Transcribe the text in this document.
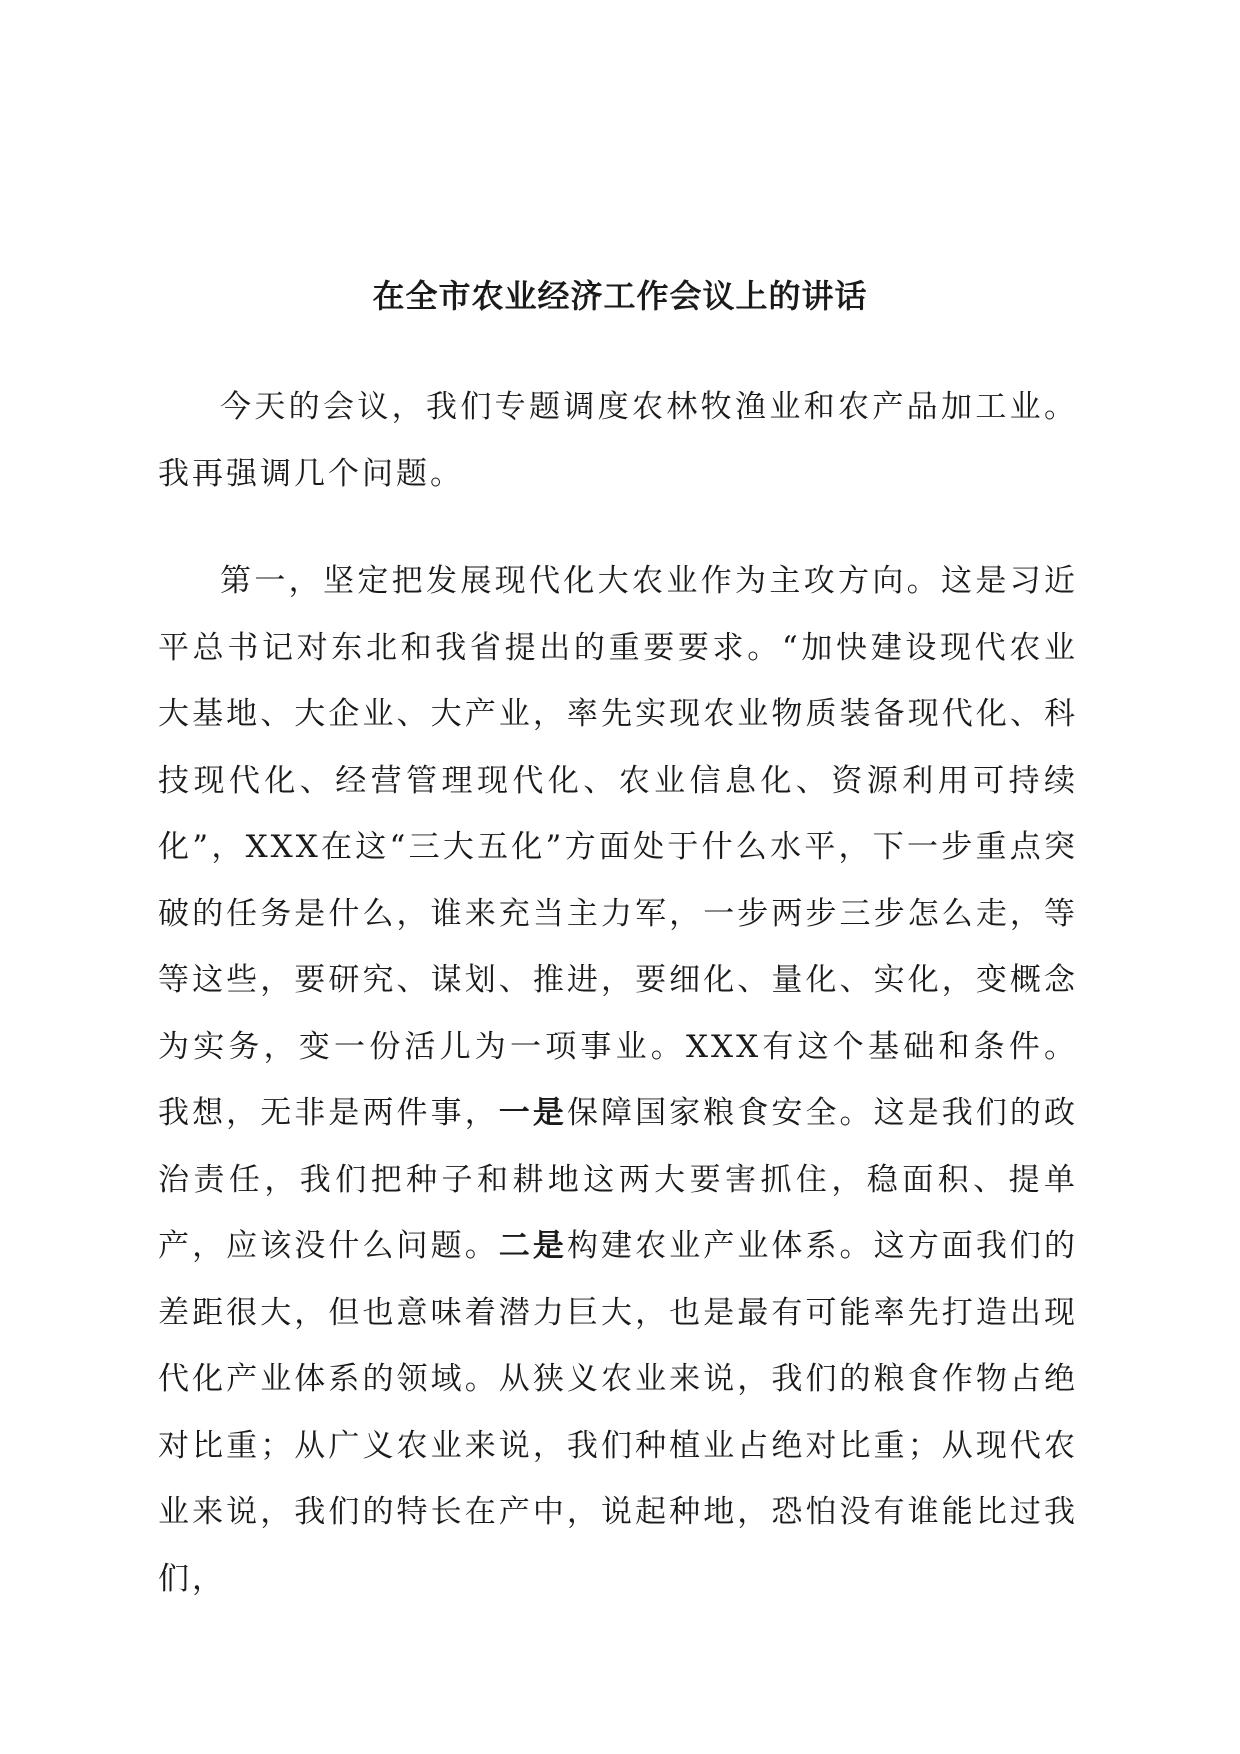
在全市农业经济工作会议上的讲话

今天的会议，我们专题调度农林牧渔业和农产品加工业。我再强调几个问题。

第一，坚定把发展现代化大农业作为主攻方向。这是习近平总书记对东北和我省提出的重要要求。“加快建设现代农业大基地、大企业、大产业，率先实现农业物质装备现代化、科技现代化、经营管理现代化、农业信息化、资源利用可持续化”，XXX在这“三大五化”方面处于什么水平，下一步重点突破的任务是什么，谁来充当主力军，一步两步三步怎么走，等等这些，要研究、谋划、推进，要细化、量化、实化，变概念为实务，变一份活儿为一项事业。XXX有这个基础和条件。我想，无非是两件事，一是保障国家粮食安全。这是我们的政治责任，我们把种子和耕地这两大要害抓住，稳面积、提单产，应该没什么问题。二是构建农业产业体系。这方面我们的差距很大，但也意味着潜力巨大，也是最有可能率先打造出现代化产业体系的领域。从狭义农业来说，我们的粮食作物占绝对比重；从广义农业来说，我们种植业占绝对比重；从现代农业来说，我们的特长在产中，说起种地，恐怕没有谁能比过我们，
